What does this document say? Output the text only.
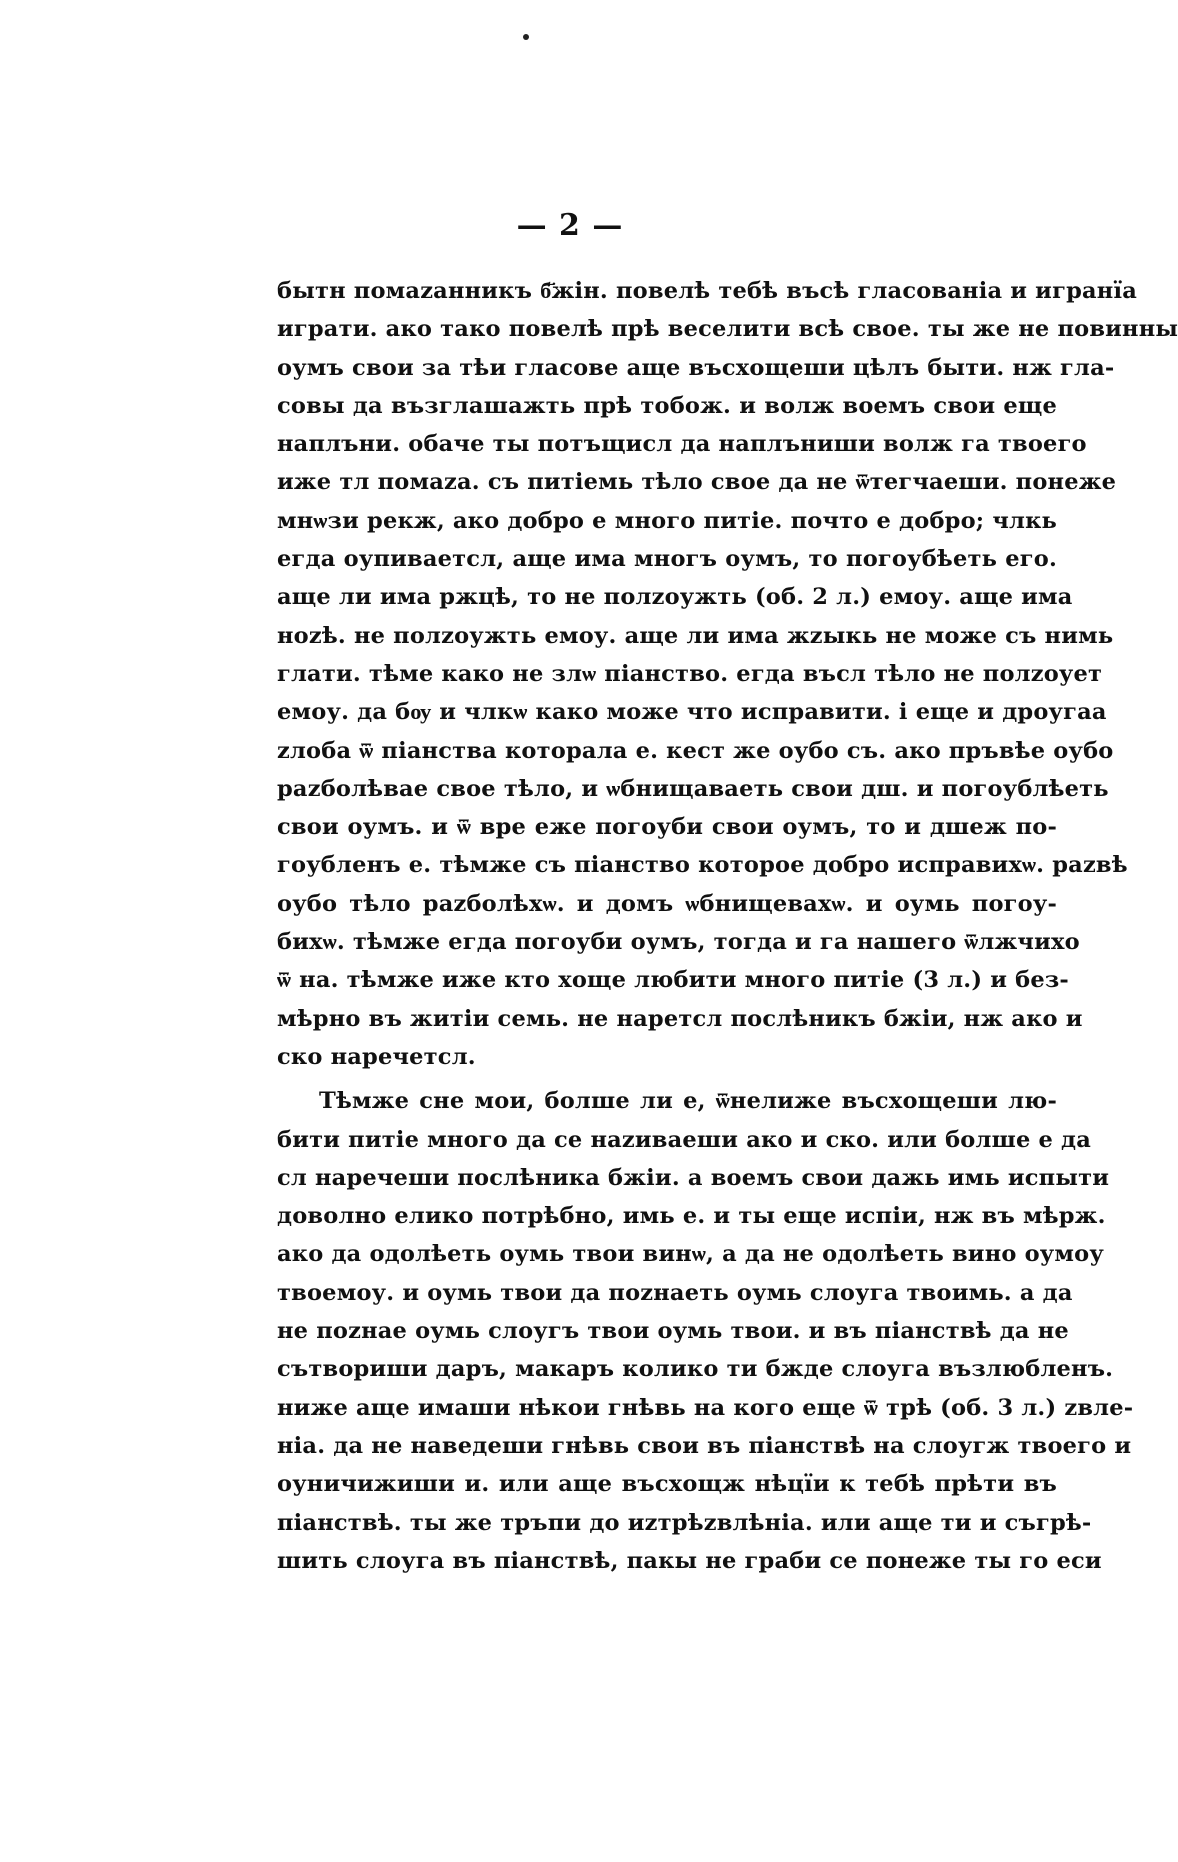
— 2 —
бытн помаzанникъ б҃жін. повелѣ тебѣ въсѣ гласованіа и игранїа
играти. ако тако повелѣ прѣ веселити всѣ свое. ты же не повинны
оумъ свои за тѣи гласове аще въсхощеши цѣлъ быти. нж гла-
совы да възглашажть прѣ тобож. и волж воемъ свои еще
наплъни. обаче ты потъщисл да наплъниши волж га твоего
иже тл помаzа. съ питіемь тѣло свое да не ѿтегчаеши. понеже
мнѡзи рекж, ако добро е много питіе. почто е добро; члкь
егда оупиваетсл, аще има многъ оумъ, то погоубѣеть его.
аще ли има ржцѣ, то не полzоужть (об. 2 л.) емоу. аще има
ноzѣ. не полzоужть емоу. аще ли има жzыкь не може съ нимь
глати. тѣме како не злѡ піанство. егда въсл тѣло не полzоует
емоу. да бѹ и члкѡ како може что исправити. і еще и дроугаа
zлоба ѿ піанства которала е. кест же оубо съ. ако пръвѣе оубо
раzболѣвае свое тѣло, и ѡбнищаваеть свои дш. и погоублѣеть
свои оумъ. и ѿ вре еже погоуби свои оумъ, то и дшеж по-
гоубленъ е. тѣмже съ піанство которое добро исправихѡ. раzвѣ
оубо тѣло раzболѣхѡ. и домъ ѡбнищевахѡ. и оумь погоу-
бихѡ. тѣмже егда погоуби оумъ, тогда и га нашего ѿлжчихо
ѿ на. тѣмже иже кто хоще любити много питіе (3 л.) и без-
мѣрно въ житіи семь. не наретсл послѣникъ бжіи, нж ако и
ско наречетсл.
Тѣмже сне мои, болше ли е, ѿнелиже въсхощеши лю-
бити питіе много да се наzиваеши ако и ско. или болше е да
сл наречеши послѣника бжіи. а воемъ свои дажь имь испыти
доволно елико потрѣбно, имь е. и ты еще испіи, нж въ мѣрж.
ако да одолѣеть оумь твои винѡ, а да не одолѣеть вино оумоу
твоемоу. и оумь твои да поzнаеть оумь слоуга твоимь. а да
не поzнае оумь слоугъ твои оумь твои. и въ піанствѣ да не
сътвориши даръ, макаръ колико ти бжде слоуга възлюбленъ.
ниже аще имаши нѣкои гнѣвь на кого еще ѿ трѣ (об. 3 л.) zвле-
ніа. да не наведеши гнѣвь свои въ піанствѣ на слоугж твоего и
оуничижиши и. или аще въсхощж нѣцїи к тебѣ прѣти въ
піанствѣ. ты же тръпи до иzтрѣzвлѣніа. или аще ти и съгрѣ-
шить слоуга въ піанствѣ, пакы не граби се понеже ты го еси
